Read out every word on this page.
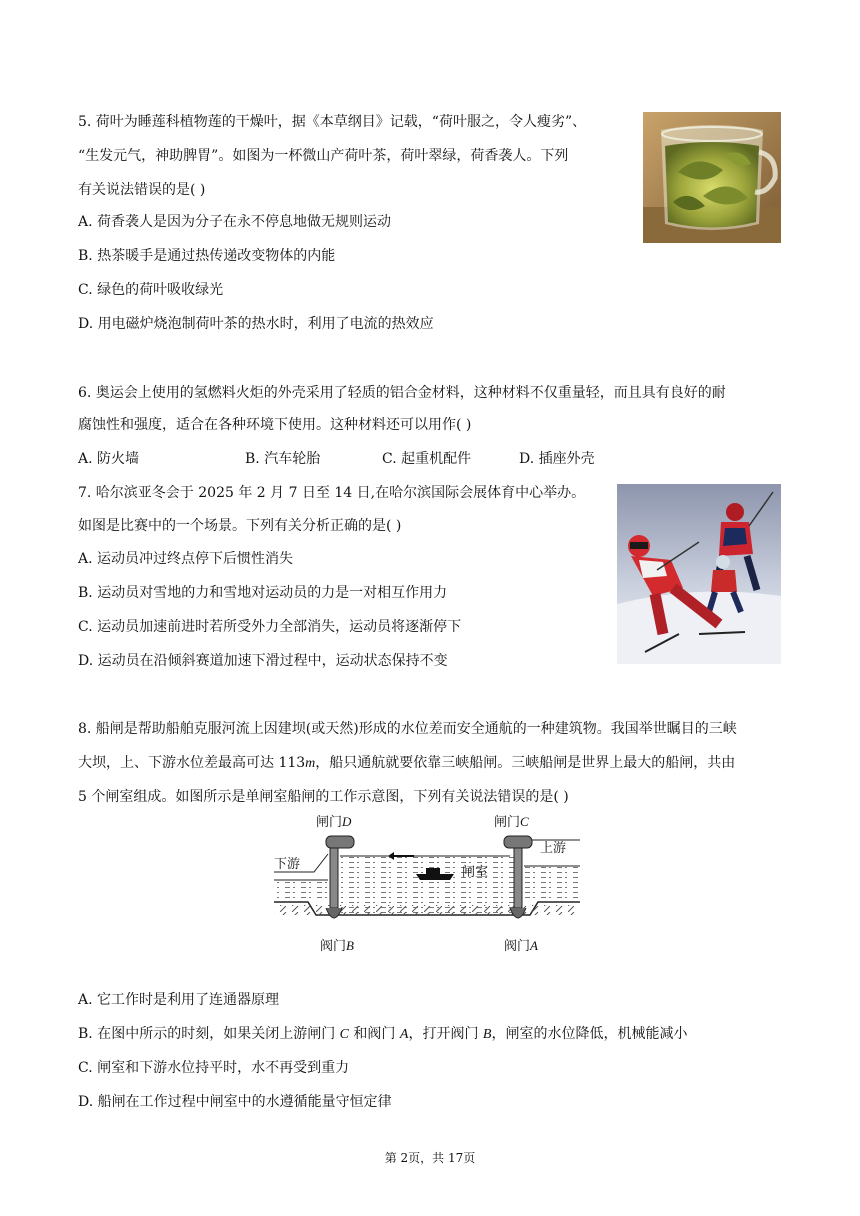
5. 荷叶为睡莲科植物莲的干燥叶，据《本草纲目》记载，“荷叶服之，令人瘦劣”、
“生发元气，神助脾胃”。如图为一杯微山产荷叶茶，荷叶翠绿，荷香袭人。下列
有关说法错误的是( )
A. 荷香袭人是因为分子在永不停息地做无规则运动
B. 热茶暖手是通过热传递改变物体的内能
C. 绿色的荷叶吸收绿光
D. 用电磁炉烧泡制荷叶茶的热水时，利用了电流的热效应
6. 奥运会上使用的氢燃料火炬的外壳采用了轻质的铝合金材料，这种材料不仅重量轻，而且具有良好的耐
腐蚀性和强度，适合在各种环境下使用。这种材料还可以用作( )
A. 防火墙	B. 汽车轮胎	C. 起重机配件	D. 插座外壳
7. 哈尔滨亚冬会于 2025 年 2 月 7 日至 14 日,在哈尔滨国际会展体育中心举办。
如图是比赛中的一个场景。下列有关分析正确的是( )
A. 运动员冲过终点停下后惯性消失
B. 运动员对雪地的力和雪地对运动员的力是一对相互作用力
C. 运动员加速前进时若所受外力全部消失，运动员将逐渐停下
D. 运动员在沿倾斜赛道加速下滑过程中，运动状态保持不变
8. 船闸是帮助船舶克服河流上因建坝(或天然)形成的水位差而安全通航的一种建筑物。我国举世瞩目的三峡
大坝，上、下游水位差最高可达 113m，船只通航就要依靠三峡船闸。三峡船闸是世界上最大的船闸，共由
5 个闸室组成。如图所示是单闸室船闸的工作示意图，下列有关说法错误的是( )
闸门D	闸门C
下游
上游
闸室
阀门B	阀门A
A. 它工作时是利用了连通器原理
B. 在图中所示的时刻，如果关闭上游闸门 C 和阀门 A，打开阀门 B，闸室的水位降低，机械能减小
C. 闸室和下游水位持平时，水不再受到重力
D. 船闸在工作过程中闸室中的水遵循能量守恒定律
第 2页，共 17页
